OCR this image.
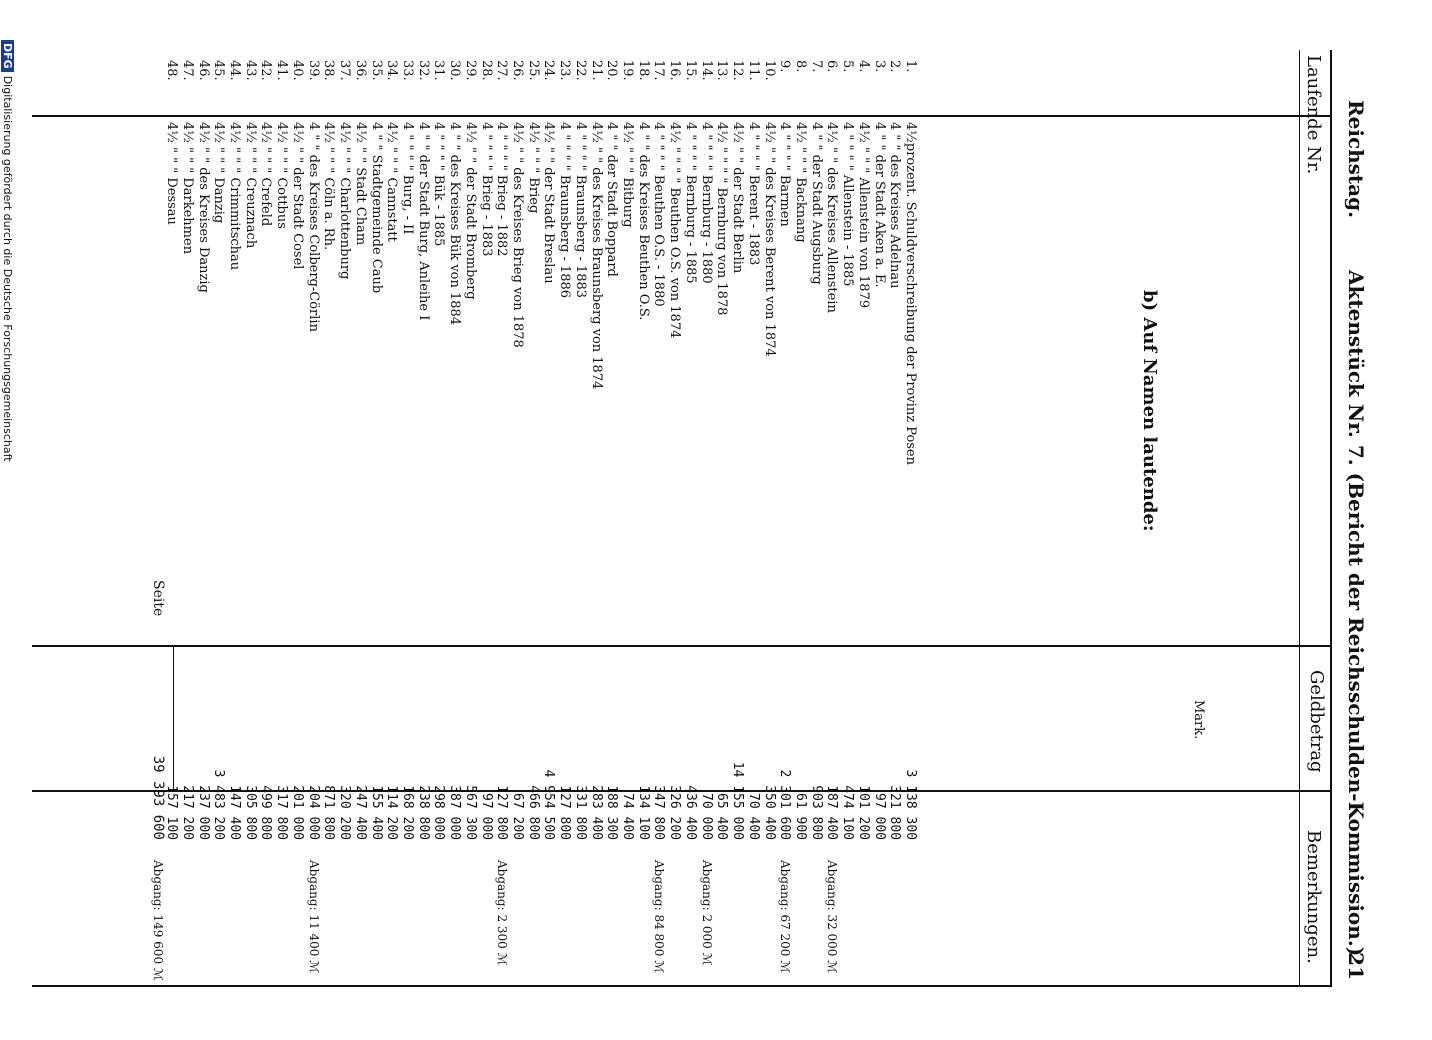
Reichstag.
Aktenstück Nr. 7. (Bericht der Reichsschulden-Kommission.)
21
Laufende Nr.
Geldbetrag
Mark.
Bemerkungen.
b) Auf Namen lautende:
1.
4½prozent. Schuldverschreibung der Provinz Posen
3 138 300
2.
4 " " des Kreises Adelnau
321 800
3.
4 " " der Stadt Aken a. E.
97 000
4.
4½ " " " Allenstein von 1879
101 200
5.
4 " " " " Allenstein - 1885
474 100
6.
4½ " " des Kreises Allenstein
187 400
Abgang: 32 000 ℳ
7.
4 " " der Stadt Augsburg
903 800
8.
4½ " " " Backnang
61 900
9.
4 " " " " Barmen
2 301 600
Abgang: 67 200 ℳ
10.
4½ " " des Kreises Berent von 1874
350 400
11.
4 " " " " Berent - 1883
70 400
12.
4½ " " der Stadt Berlin
14 155 000
13.
4½ " " " " Bernburg von 1878
65 400
14.
4 " " " " Bernburg - 1880
70 000
Abgang: 2 000 ℳ
15.
4 " " " " Bernburg - 1885
436 400
16.
4½ " " " " Beuthen O.S. von 1874
326 200
17.
4 " " " " Beuthen O.S. - 1880
347 800
Abgang: 84 800 ℳ
18.
4 " " des Kreises Beuthen O.S.
134 100
19.
4½ " " " Bitburg
74 400
20.
4 " " der Stadt Boppard
188 300
21.
4½ " " des Kreises Braunsberg von 1874
283 400
22.
4 " " " " Braunsberg - 1883
331 800
23.
4 " " " " Braunsberg - 1886
127 800
24.
4½ " " der Stadt Breslau
4 954 500
25.
4½ " " " Brieg
466 800
26.
4½ " " des Kreises Brieg von 1878
67 200
27.
4 " " " " Brieg - 1882
127 800
Abgang: 2 300 ℳ
28.
4 " " " " Brieg - 1883
97 000
29.
4½ " " der Stadt Bromberg
567 300
30.
4 " " des Kreises Bük von 1884
387 000
31.
4 " " " " Bük - 1885
298 000
32.
4 " " der Stadt Burg, Anleihe I
238 800
33.
4 " " " " Burg, - II
168 200
34.
4½ " " " Cannstatt
114 200
35.
4 " " Stadtgemeinde Caub
155 400
36.
4½ " " Stadt Cham
247 400
37.
4½ " " " Charlottenburg
320 200
38.
4½ " " " Cöln a. Rh.
871 800
39.
4 " " des Kreises Colberg-Cörlin
204 000
Abgang: 11 400 ℳ
40.
4½ " " der Stadt Cosel
201 000
41.
4½ " " " Cottbus
317 800
42.
4½ " " " Crefeld
499 800
43.
4½ " " " Creuznach
305 800
44.
4½ " " " Crimmitschau
147 400
45.
4½ " " " Danzig
3 483 200
46.
4½ " " des Kreises Danzig
237 000
47.
4½ " " " Darkehmen
217 200
48.
4½ " " " Dessau
157 100
Seite
39 393 600
Abgang: 149 600 ℳ
DFGDigitalisierung gefördert durch die Deutsche Forschungsgemeinschaft
